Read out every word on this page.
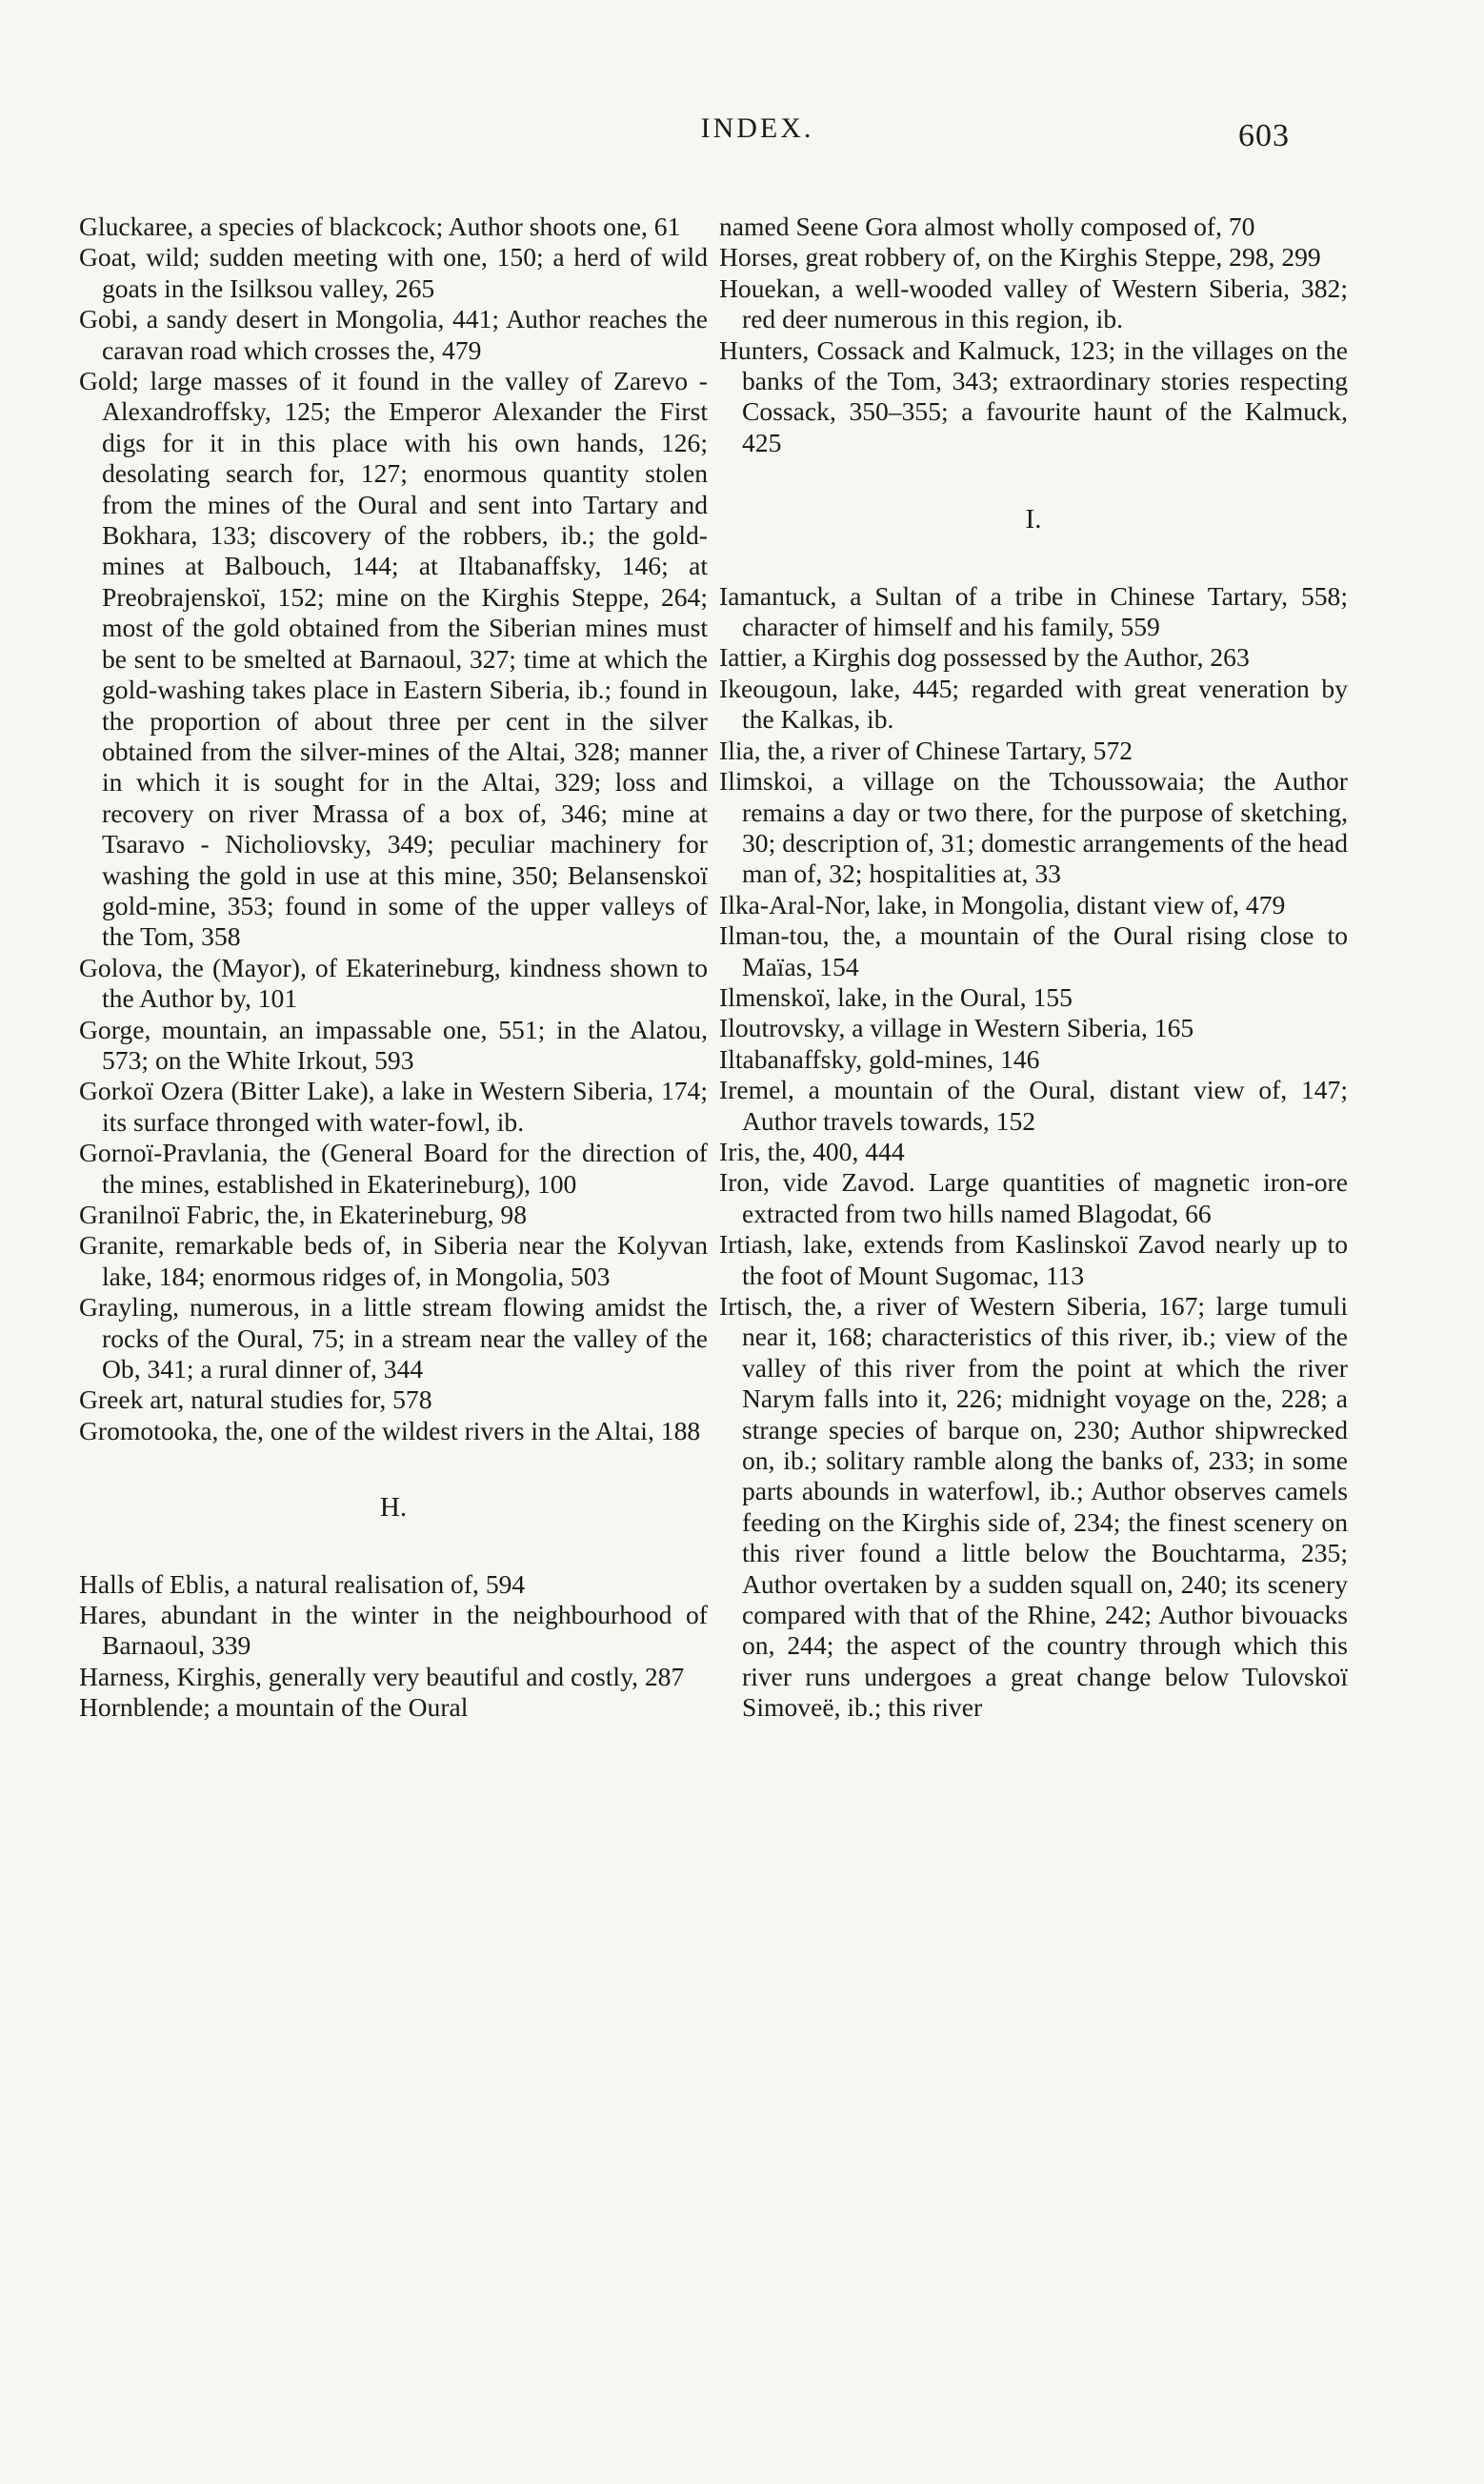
INDEX.	603
Gluckaree, a species of blackcock; Author shoots one, 61
Goat, wild; sudden meeting with one, 150; a herd of wild goats in the Isilksou valley, 265
Gobi, a sandy desert in Mongolia, 441; Author reaches the caravan road which crosses the, 479
Gold; large masses of it found in the valley of Zarevo - Alexandroffsky, 125; the Emperor Alexander the First digs for it in this place with his own hands, 126; desolating search for, 127; enormous quantity stolen from the mines of the Oural and sent into Tartary and Bokhara, 133; discovery of the robbers, ib.; the gold-mines at Balbouch, 144; at Iltabanaffsky, 146; at Preobrajenskoï, 152; mine on the Kirghis Steppe, 264; most of the gold obtained from the Siberian mines must be sent to be smelted at Barnaoul, 327; time at which the gold-washing takes place in Eastern Siberia, ib.; found in the proportion of about three per cent in the silver obtained from the silver-mines of the Altai, 328; manner in which it is sought for in the Altai, 329; loss and recovery on river Mrassa of a box of, 346; mine at Tsaravo - Nicholiovsky, 349; peculiar machinery for washing the gold in use at this mine, 350; Belansenskoï gold-mine, 353; found in some of the upper valleys of the Tom, 358
Golova, the (Mayor), of Ekaterineburg, kindness shown to the Author by, 101
Gorge, mountain, an impassable one, 551; in the Alatou, 573; on the White Irkout, 593
Gorkoï Ozera (Bitter Lake), a lake in Western Siberia, 174; its surface thronged with water-fowl, ib.
Gornoï-Pravlania, the (General Board for the direction of the mines, established in Ekaterineburg), 100
Granilnoï Fabric, the, in Ekaterineburg, 98
Granite, remarkable beds of, in Siberia near the Kolyvan lake, 184; enormous ridges of, in Mongolia, 503
Grayling, numerous, in a little stream flowing amidst the rocks of the Oural, 75; in a stream near the valley of the Ob, 341; a rural dinner of, 344
Greek art, natural studies for, 578
Gromotooka, the, one of the wildest rivers in the Altai, 188
H.
Halls of Eblis, a natural realisation of, 594
Hares, abundant in the winter in the neighbourhood of Barnaoul, 339
Harness, Kirghis, generally very beautiful and costly, 287
Hornblende; a mountain of the Oural
named Seene Gora almost wholly composed of, 70
Horses, great robbery of, on the Kirghis Steppe, 298, 299
Houekan, a well-wooded valley of Western Siberia, 382; red deer numerous in this region, ib.
Hunters, Cossack and Kalmuck, 123; in the villages on the banks of the Tom, 343; extraordinary stories respecting Cossack, 350–355; a favourite haunt of the Kalmuck, 425
I.
Iamantuck, a Sultan of a tribe in Chinese Tartary, 558; character of himself and his family, 559
Iattier, a Kirghis dog possessed by the Author, 263
Ikeougoun, lake, 445; regarded with great veneration by the Kalkas, ib.
Ilia, the, a river of Chinese Tartary, 572
Ilimskoi, a village on the Tchoussowaia; the Author remains a day or two there, for the purpose of sketching, 30; description of, 31; domestic arrangements of the head man of, 32; hospitalities at, 33
Ilka-Aral-Nor, lake, in Mongolia, distant view of, 479
Ilman-tou, the, a mountain of the Oural rising close to Maïas, 154
Ilmenskoï, lake, in the Oural, 155
Iloutrovsky, a village in Western Siberia, 165
Iltabanaffsky, gold-mines, 146
Iremel, a mountain of the Oural, distant view of, 147; Author travels towards, 152
Iris, the, 400, 444
Iron, vide Zavod. Large quantities of magnetic iron-ore extracted from two hills named Blagodat, 66
Irtiash, lake, extends from Kaslinskoï Zavod nearly up to the foot of Mount Sugomac, 113
Irtisch, the, a river of Western Siberia, 167; large tumuli near it, 168; characteristics of this river, ib.; view of the valley of this river from the point at which the river Narym falls into it, 226; midnight voyage on the, 228; a strange species of barque on, 230; Author shipwrecked on, ib.; solitary ramble along the banks of, 233; in some parts abounds in waterfowl, ib.; Author observes camels feeding on the Kirghis side of, 234; the finest scenery on this river found a little below the Bouchtarma, 235; Author overtaken by a sudden squall on, 240; its scenery compared with that of the Rhine, 242; Author bivouacks on, 244; the aspect of the country through which this river runs undergoes a great change below Tulovskoï Simoveë, ib.; this river
